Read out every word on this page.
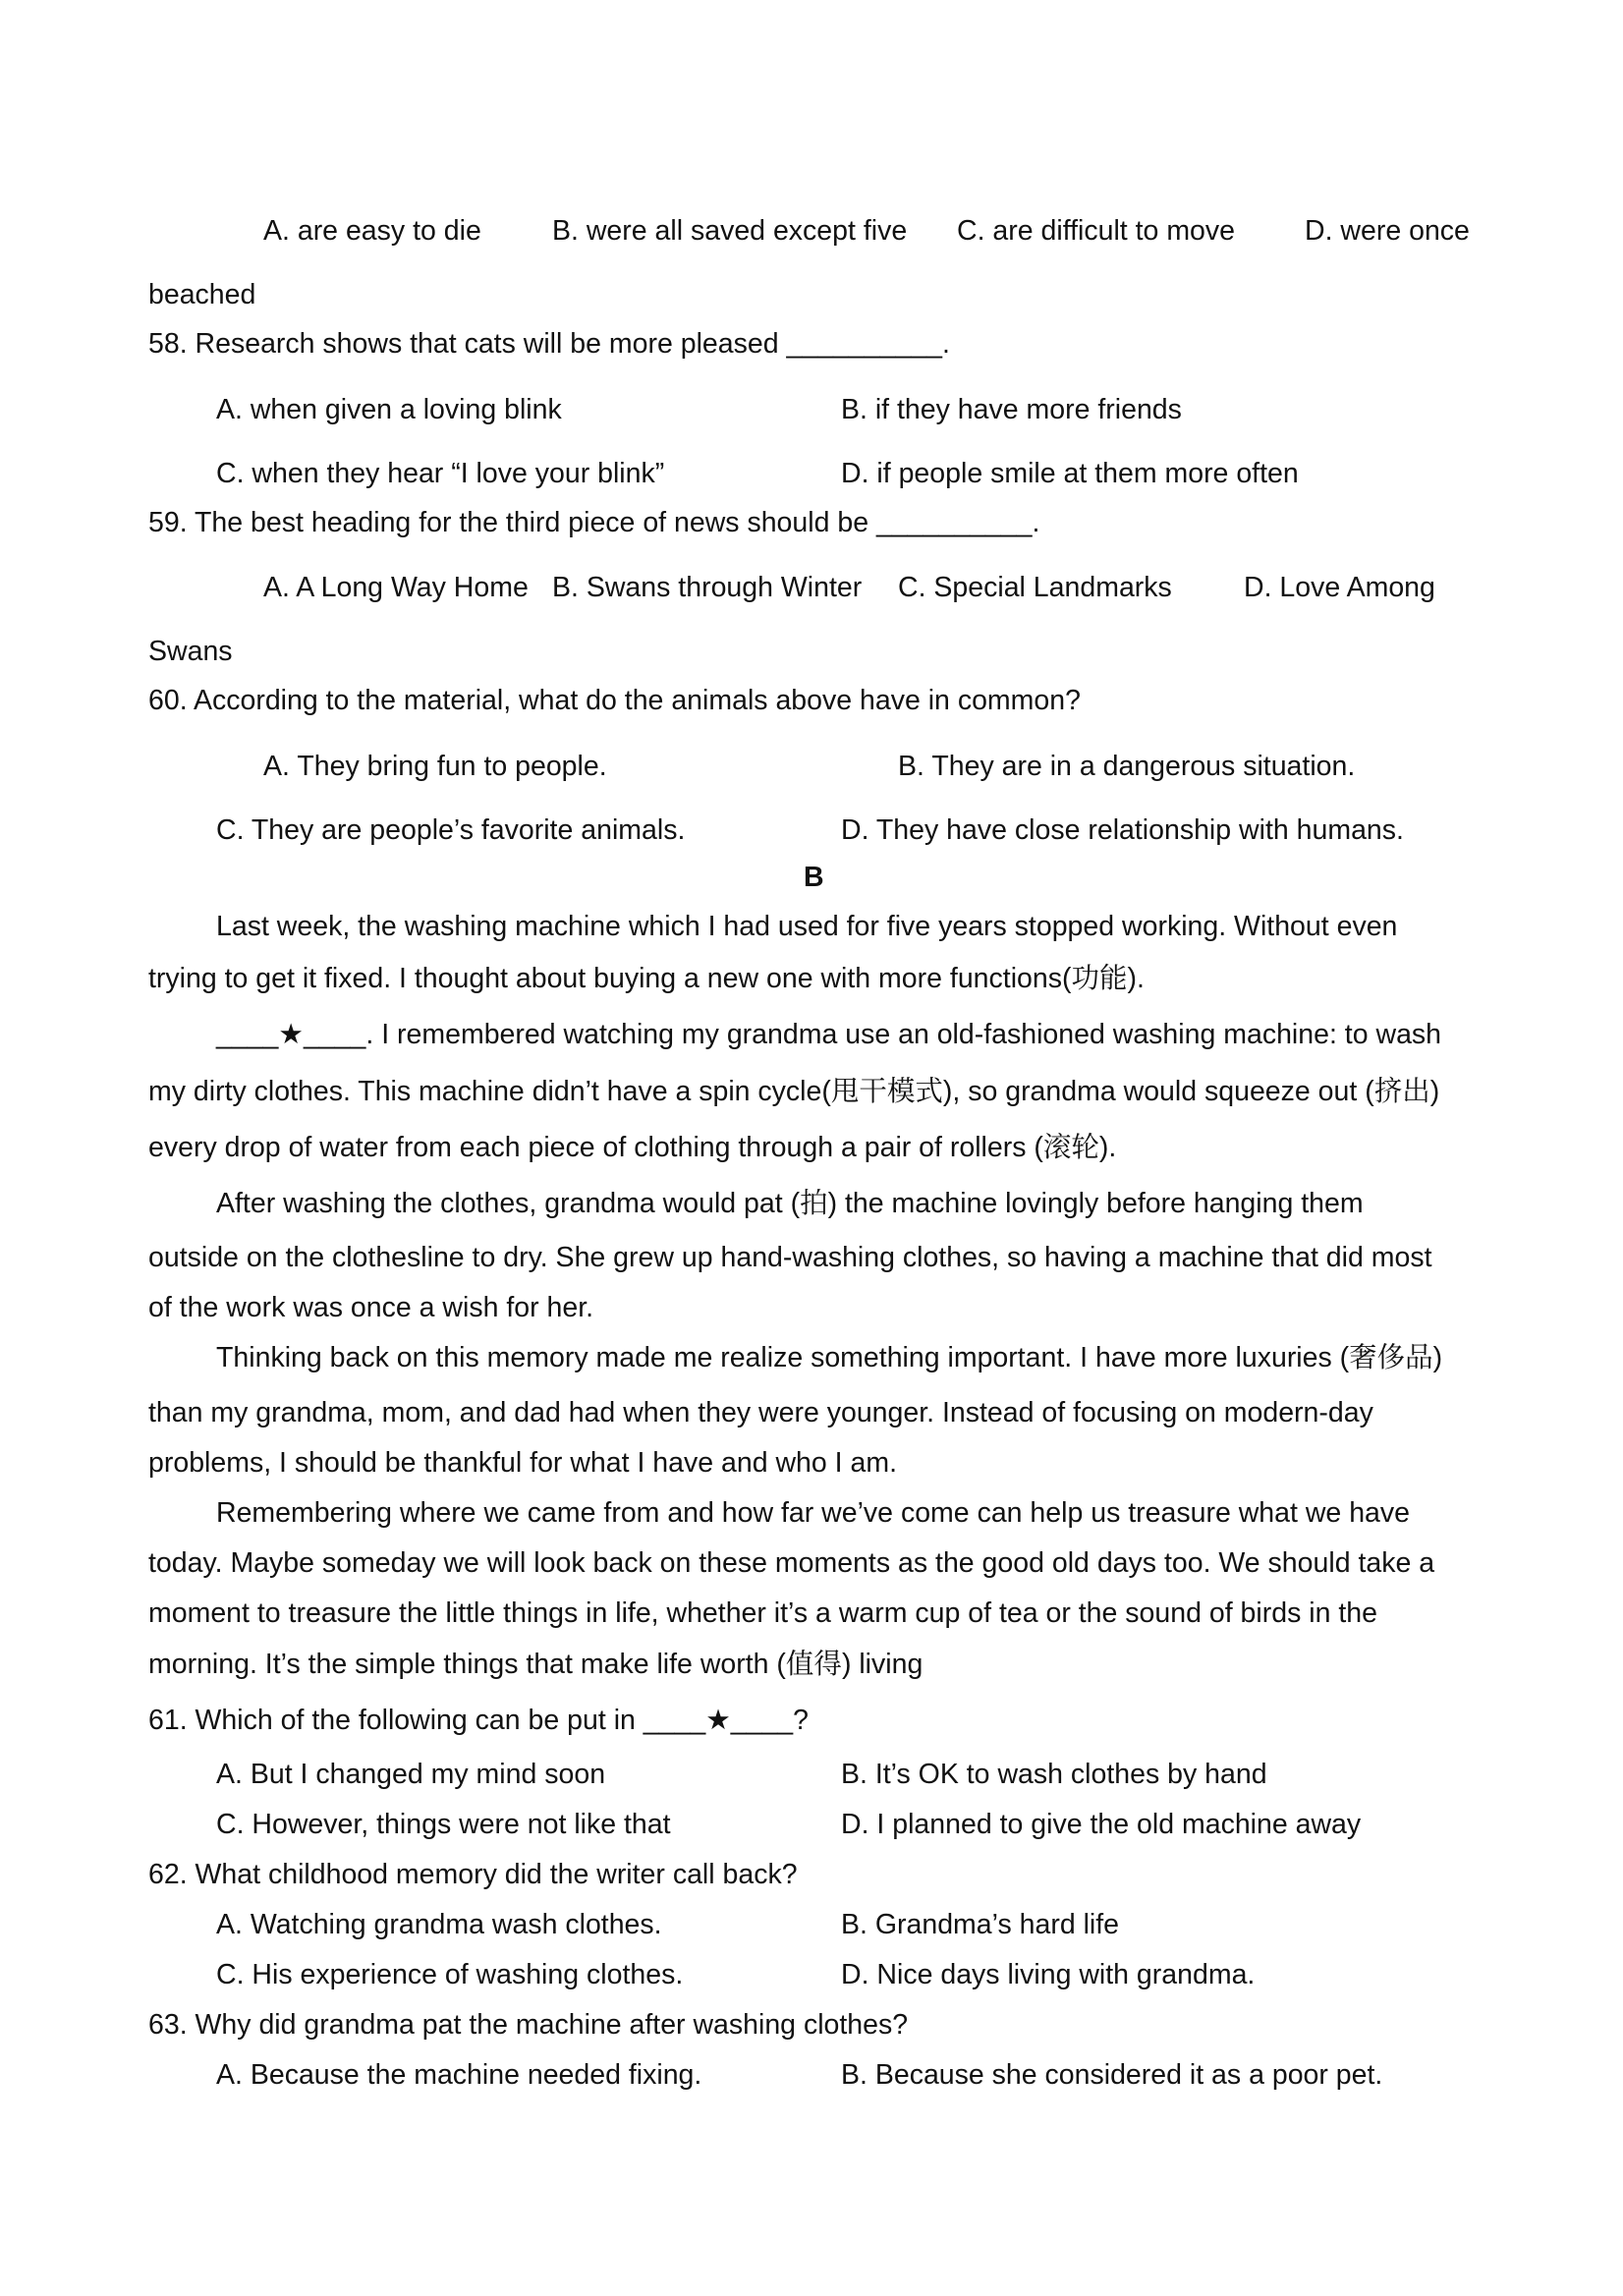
A. are easy to die	B. were all saved except five C. are difficult to move D. were once
beached
58. Research shows that cats will be more pleased __________.
A. when given a loving blink	B. if they have more friends
C. when they hear “I love your blink”	D. if people smile at them more often
59. The best heading for the third piece of news should be __________.
A. A Long Way Home B. Swans through Winter C. Special Landmarks	D. Love Among
Swans
60. According to the material, what do the animals above have in common?
A. They bring fun to people.	B. They are in a dangerous situation.
C. They are people’s favorite animals.	D. They have close relationship with humans.
B
Last week, the washing machine which I had used for five years stopped working. Without even
trying to get it fixed. I thought about buying a new one with more functions(功能).
____★____. I remembered watching my grandma use an old-fashioned washing machine: to wash
my dirty clothes. This machine didn’t have a spin cycle(甩干模式), so grandma would squeeze out (挤出)
every drop of water from each piece of clothing through a pair of rollers (滚轮).
After washing the clothes, grandma would pat (拍) the machine lovingly before hanging them
outside on the clothesline to dry. She grew up hand-washing clothes, so having a machine that did most
of the work was once a wish for her.
Thinking back on this memory made me realize something important. I have more luxuries (奢侈品)
than my grandma, mom, and dad had when they were younger. Instead of focusing on modern-day
problems, I should be thankful for what I have and who I am.
Remembering where we came from and how far we’ve come can help us treasure what we have
today. Maybe someday we will look back on these moments as the good old days too. We should take a
moment to treasure the little things in life, whether it’s a warm cup of tea or the sound of birds in the
morning. It’s the simple things that make life worth (值得) living
61. Which of the following can be put in ____★____?
A. But I changed my mind soon	B. It’s OK to wash clothes by hand
C. However, things were not like that	D. I planned to give the old machine away
62. What childhood memory did the writer call back?
A. Watching grandma wash clothes.	B. Grandma’s hard life
C. His experience of washing clothes.	D. Nice days living with grandma.
63. Why did grandma pat the machine after washing clothes?
A. Because the machine needed fixing.	B. Because she considered it as a poor pet.
